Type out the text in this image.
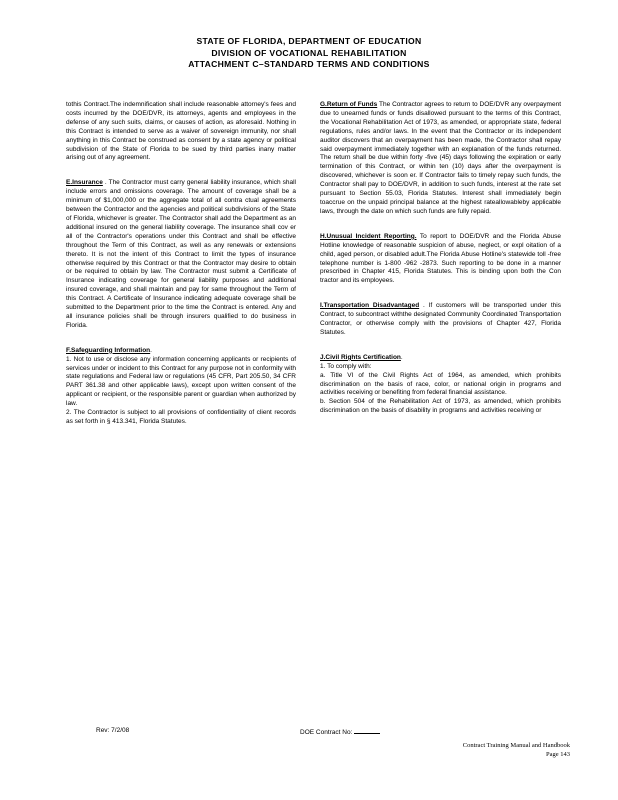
STATE OF FLORIDA, DEPARTMENT OF EDUCATION
DIVISION OF VOCATIONAL REHABILITATION
ATTACHMENT C–STANDARD TERMS AND CONDITIONS

tothis Contract.The indemnification shall include reasonable attorney's fees and costs incurred by the DOE/DVR, its attorneys, agents and employees in the defense of any such suits, claims, or causes of action, as aforesaid. Nothing in this Contract is intended to serve as a waiver of sovereign immunity, nor shall anything in this Contract be construed as consent by a state agency or political subdivision of the State of Florida to be sued by third parties inany matter arising out of any agreement.

E.Insurance . The Contractor must carry general liability insurance, which shall include errors and omissions coverage. The amount of coverage shall be a minimum of $1,000,000 or the aggregate total of all contra ctual agreements between the Contractor and the agencies and political subdivisions of the State of Florida, whichever is greater. The Contractor shall add the Department as an additional insured on the general liability coverage. The insurance shall cov er all of the Contractor's operations under this Contract and shall be effective throughout the Term of this Contract, as well as any renewals or extensions thereto. It is not the intent of this Contract to limit the types of insurance otherwise required by this Contract or that the Contractor may desire to obtain or be required to obtain by law. The Contractor must submit a Certificate of Insurance indicating coverage for general liability purposes and additional insured coverage, and shall maintain and pay for same throughout the Term of this Contract. A Certificate of Insurance indicating adequate coverage shall be submitted to the Department prior to the time the Contract is entered. Any and all insurance policies shall be through insurers qualified to do business in Florida.

F.Safeguarding Information.
1. Not to use or disclose any information concerning applicants or recipients of services under or incident to this Contract for any purpose not in conformity with state regulations and Federal law or regulations (45 CFR, Part 205.50, 34 CFR PART 361.38 and other applicable laws), except upon written consent of the applicant or recipient, or the responsible parent or guardian when authorized by law.
2. The Contractor is subject to all provisions of confidentiality of client records as set forth in § 413.341, Florida Statutes.

G.Return of Funds The Contractor agrees to return to DOE/DVR any overpayment due to unearned funds or funds disallowed pursuant to the terms of this Contract, the Vocational Rehabilitation Act of 1973, as amended, or appropriate state, federal regulations, rules and/or laws. In the event that the Contractor or its independent auditor discovers that an overpayment has been made, the Contractor shall repay said overpayment immediately together with an explanation of the funds returned. The return shall be due within forty -five (45) days following the expiration or early termination of this Contract, or within ten (10) days after the overpayment is discovered, whichever is soon er. If Contractor fails to timely repay such funds, the Contractor shall pay to DOE/DVR, in addition to such funds, interest at the rate set pursuant to Section 55.03, Florida Statutes. Interest shall immediately begin toaccrue on the unpaid principal balance at the highest rateallowableby applicable laws, through the date on which such funds are fully repaid.

H.Unusual Incident Reporting. To report to DOE/DVR and the Florida Abuse Hotline knowledge of reasonable suspicion of abuse, neglect, or expl oitation of a child, aged person, or disabled adult.The Florida Abuse Hotline's statewide toll -free telephone number is 1-800 -962 -2873. Such reporting to be done in a manner prescribed in Chapter 415, Florida Statutes. This is binding upon both the Con tractor and its employees.

I.Transportation Disadvantaged . If customers will be transported under this Contract, to subcontract withthe designated Community Coordinated Transportation Contractor, or otherwise comply with the provisions of Chapter 427, Florida Statutes.

J.Civil Rights Certification.
1. To comply with:
a. Title VI of the Civil Rights Act of 1964, as amended, which prohibits discrimination on the basis of race, color, or national origin in programs and activities receiving or benefiting from federal financial assistance.
b. Section 504 of the Rehabilitation Act of 1973, as amended, which prohibits discrimination on the basis of disability in programs and activities receiving or

Rev: 7/2/08	DOE Contract No:
Contract Training Manual and Handbook
Page 143
